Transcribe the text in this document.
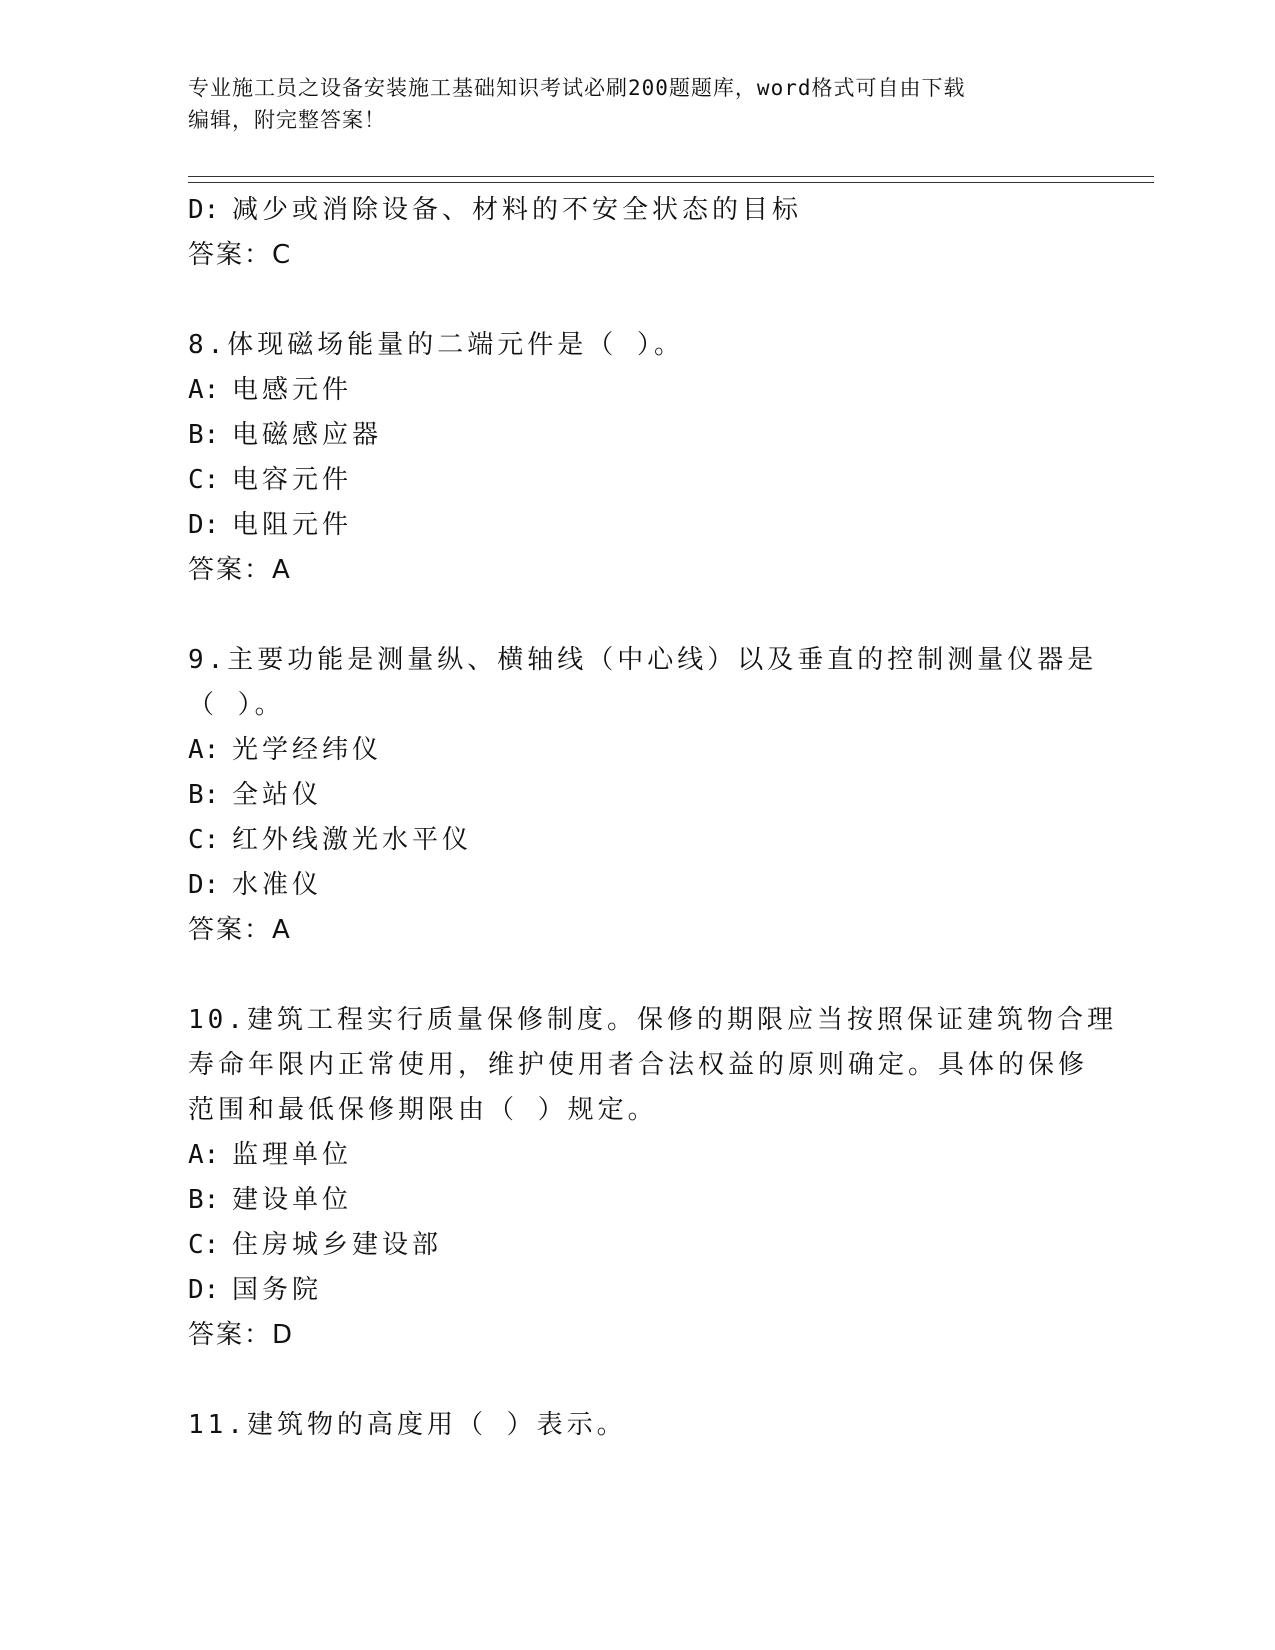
专业施工员之设备安装施工基础知识考试必刷200题题库，word格式可自由下载
编辑，附完整答案！
D: 减少或消除设备、材料的不安全状态的目标
答案：C
8.体现磁场能量的二端元件是（ ）。
A: 电感元件
B: 电磁感应器
C: 电容元件
D: 电阻元件
答案：A
9.主要功能是测量纵、横轴线（中心线）以及垂直的控制测量仪器是
（ ）。
A: 光学经纬仪
B: 全站仪
C: 红外线激光水平仪
D: 水准仪
答案：A
10.建筑工程实行质量保修制度。保修的期限应当按照保证建筑物合理
寿命年限内正常使用，维护使用者合法权益的原则确定。具体的保修
范围和最低保修期限由（ ）规定。
A: 监理单位
B: 建设单位
C: 住房城乡建设部
D: 国务院
答案：D
11.建筑物的高度用（ ）表示。
